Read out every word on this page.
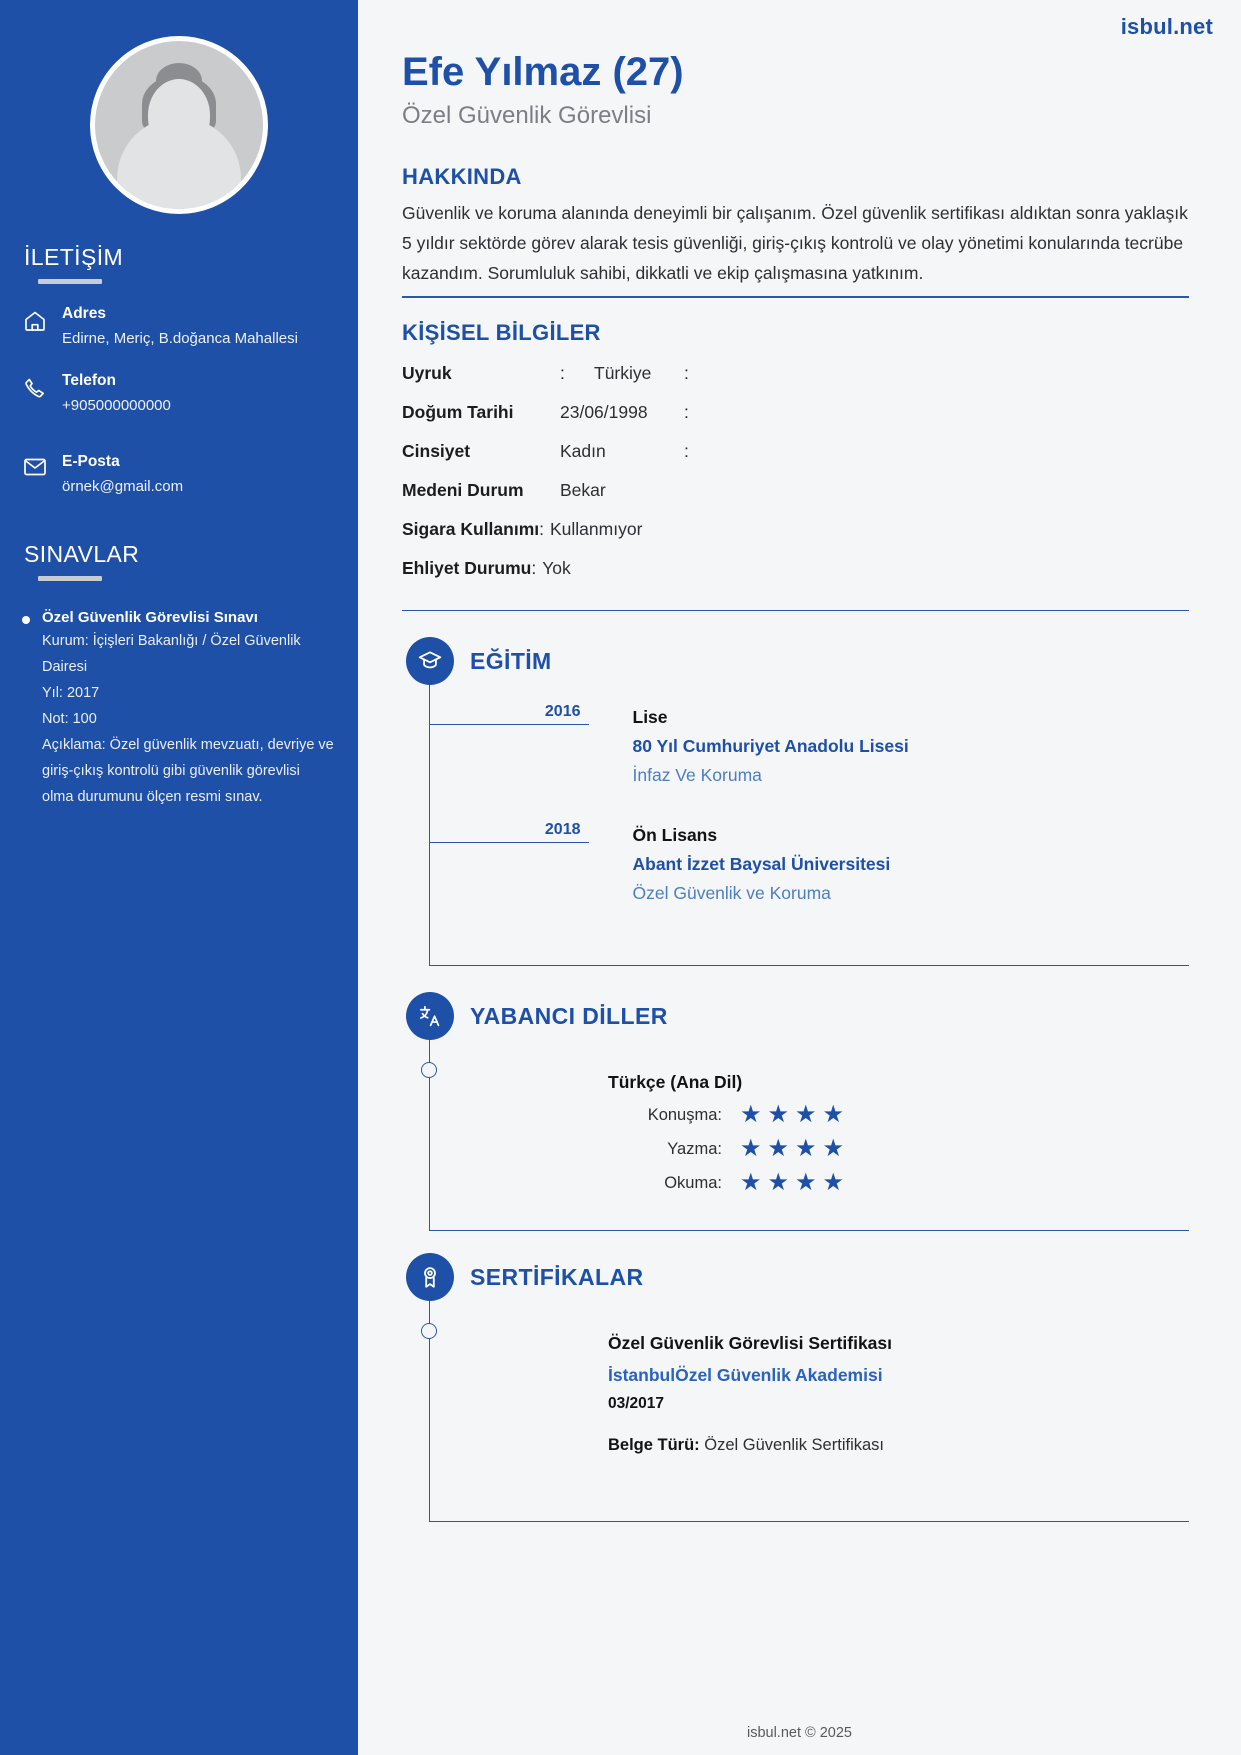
İLETİŞİM
Adres
Edirne, Meriç, B.doğanca Mahallesi
Telefon
+905000000000
E-Posta
örnek@gmail.com
SINAVLAR
Özel Güvenlik Görevlisi Sınavı
Kurum: İçişleri Bakanlığı / Özel Güvenlik Dairesi
Yıl: 2017
Not: 100
Açıklama: Özel güvenlik mevzuatı, devriye ve giriş-çıkış kontrolü gibi güvenlik görevlisi olma durumunu ölçen resmi sınav.
isbul.net
Efe Yılmaz (27)
Özel Güvenlik Görevlisi
HAKKINDA

Güvenlik ve koruma alanında deneyimli bir çalışanım. Özel güvenlik sertifikası aldıktan sonra yaklaşık 5 yıldır sektörde görev alarak tesis güvenliği, giriş-çıkış kontrolü ve olay yönetimi konularında tecrübe kazandım. Sorumluluk sahibi, dikkatli ve ekip çalışmasına yatkınım.

KİŞİSEL BİLGİLER
Uyruk	:	Türkiye	:
Doğum Tarihi	23/06/1998	:
Cinsiyet	Kadın	:
Medeni Durum	Bekar
Sigara Kullanımı : Kullanmıyor
Ehliyet Durumu : Yok
EĞİTİM
2016	Lise
80 Yıl Cumhuriyet Anadolu Lisesi
İnfaz Ve Koruma
2018	Ön Lisans
Abant İzzet Baysal Üniversitesi
Özel Güvenlik ve Koruma
YABANCI DİLLER
Türkçe (Ana Dil)
Konuşma: ★ ★ ★ ★
Yazma: ★ ★ ★ ★
Okuma: ★ ★ ★ ★
SERTİFİKALAR
Özel Güvenlik Görevlisi Sertifikası
İstanbulÖzel Güvenlik Akademisi
03/2017
Belge Türü: Özel Güvenlik Sertifikası
isbul.net © 2025
